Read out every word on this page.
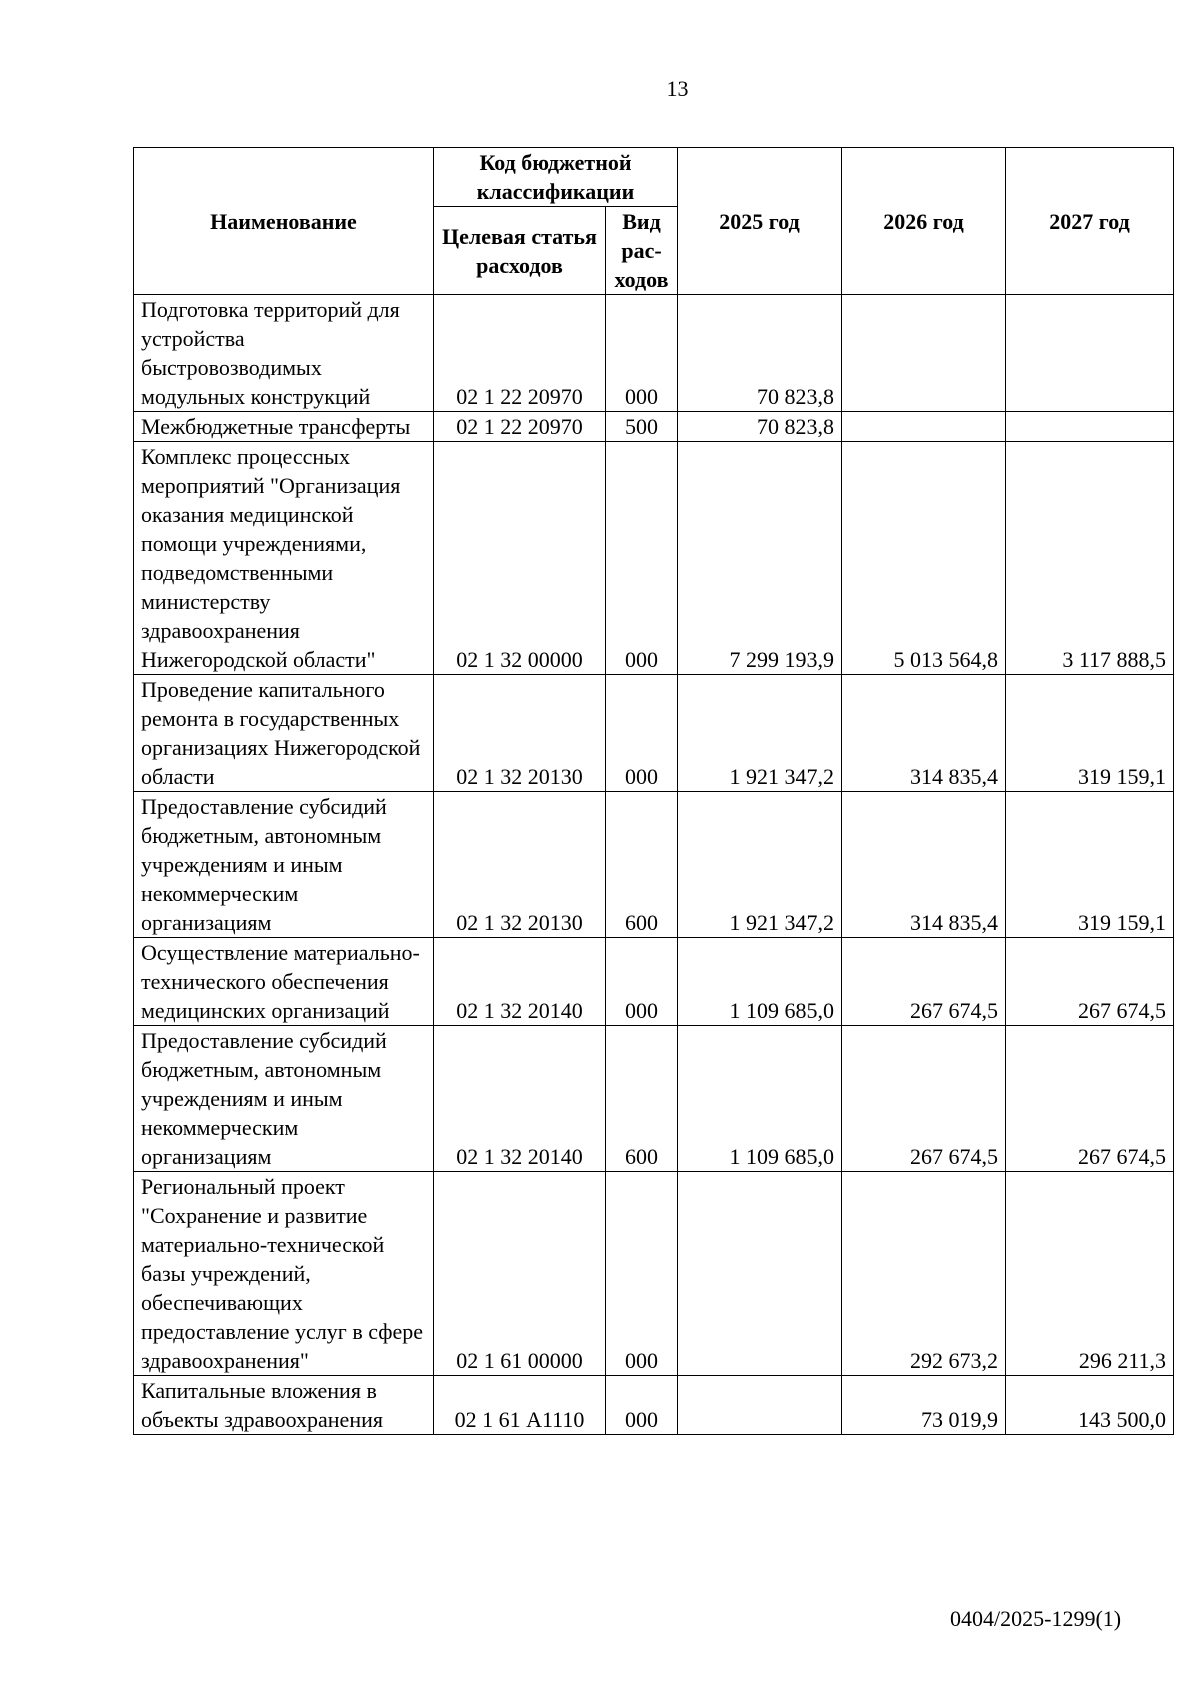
13
Наименование	Код бюджетной классификации		2025 год	2026 год	2027 год
	Целевая статья расходов	Вид рас-ходов			
Подготовка территорий для устройства быстровозводимых модульных конструкций	02 1 22 20970	000	70 823,8		
Межбюджетные трансферты	02 1 22 20970	500	70 823,8		
Комплекс процессных мероприятий "Организация оказания медицинской помощи учреждениями, подведомственными министерству здравоохранения Нижегородской области"	02 1 32 00000	000	7 299 193,9	5 013 564,8	3 117 888,5
Проведение капитального ремонта в государственных организациях Нижегородской области	02 1 32 20130	000	1 921 347,2	314 835,4	319 159,1
Предоставление субсидий бюджетным, автономным учреждениям и иным некоммерческим организациям	02 1 32 20130	600	1 921 347,2	314 835,4	319 159,1
Осуществление материально-технического обеспечения медицинских организаций	02 1 32 20140	000	1 109 685,0	267 674,5	267 674,5
Предоставление субсидий бюджетным, автономным учреждениям и иным некоммерческим организациям	02 1 32 20140	600	1 109 685,0	267 674,5	267 674,5
Региональный проект "Сохранение и развитие материально-технической базы учреждений, обеспечивающих предоставление услуг в сфере здравоохранения"	02 1 61 00000	000		292 673,2	296 211,3
Капитальные вложения в объекты здравоохранения	02 1 61 А1110	000		73 019,9	143 500,0
0404/2025-1299(1)
